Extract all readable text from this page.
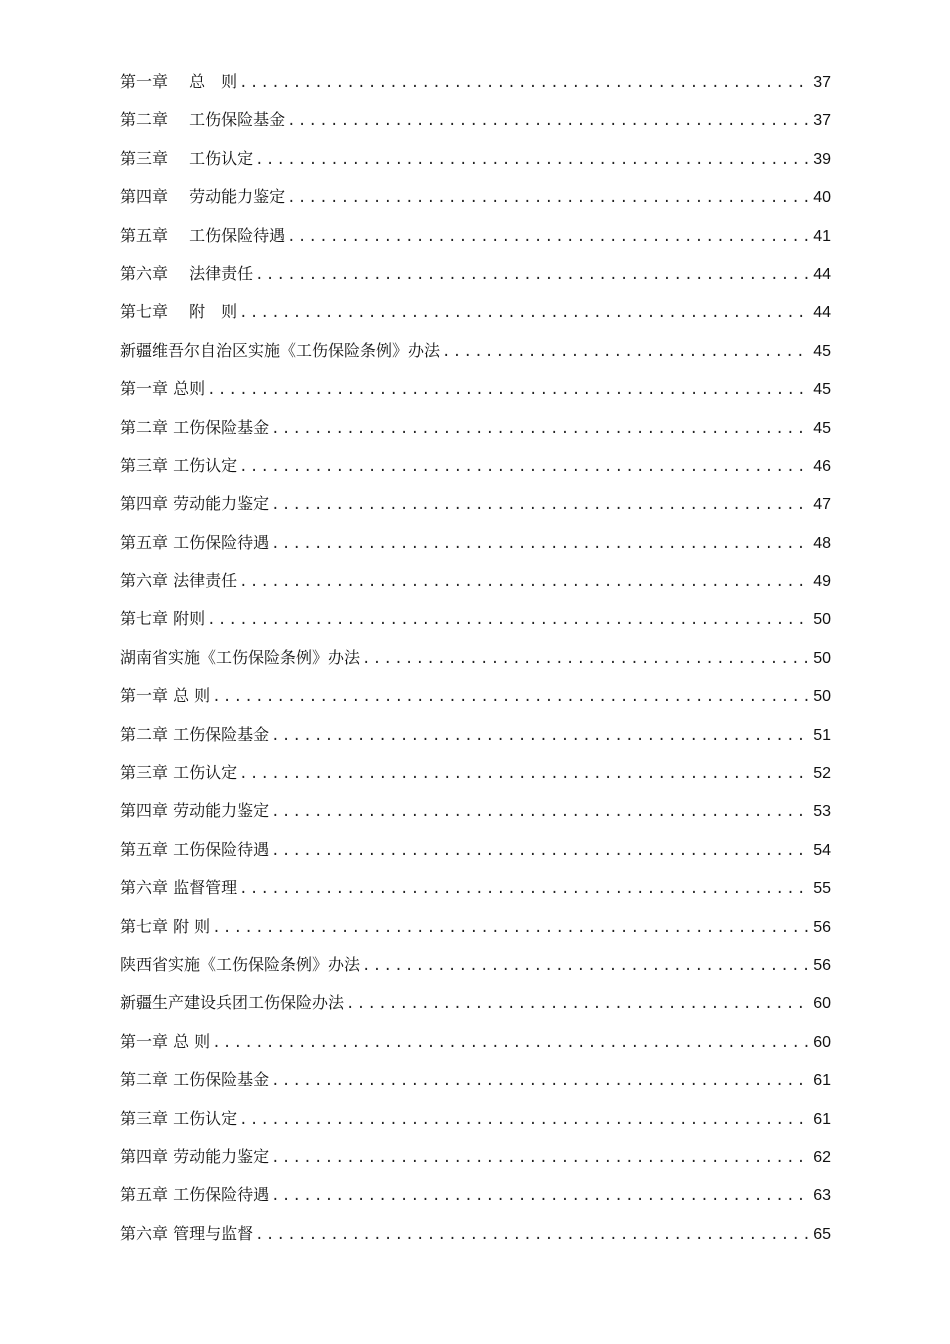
第一章　 总　则 .....	37
第二章　 工伤保险基金 .....	37
第三章　 工伤认定 .....	39
第四章　 劳动能力鉴定 .....	40
第五章　 工伤保险待遇 .....	41
第六章　 法律责任 .....	44
第七章　 附　则 .....	44
新疆维吾尔自治区实施《工伤保险条例》办法 .....	45
第一章 总则 .....	45
第二章 工伤保险基金 .....	45
第三章 工伤认定 .....	46
第四章 劳动能力鉴定 .....	47
第五章 工伤保险待遇 .....	48
第六章 法律责任 .....	49
第七章 附则 .....	50
湖南省实施《工伤保险条例》办法 .....	50
第一章 总 则 .....	50
第二章 工伤保险基金 .....	51
第三章 工伤认定 .....	52
第四章 劳动能力鉴定 .....	53
第五章 工伤保险待遇 .....	54
第六章 监督管理 .....	55
第七章 附 则 .....	56
陕西省实施《工伤保险条例》办法 .....	56
新疆生产建设兵团工伤保险办法 .....	60
第一章 总 则 .....	60
第二章 工伤保险基金 .....	61
第三章 工伤认定 .....	61
第四章 劳动能力鉴定 .....	62
第五章 工伤保险待遇 .....	63
第六章 管理与监督 .....	65
